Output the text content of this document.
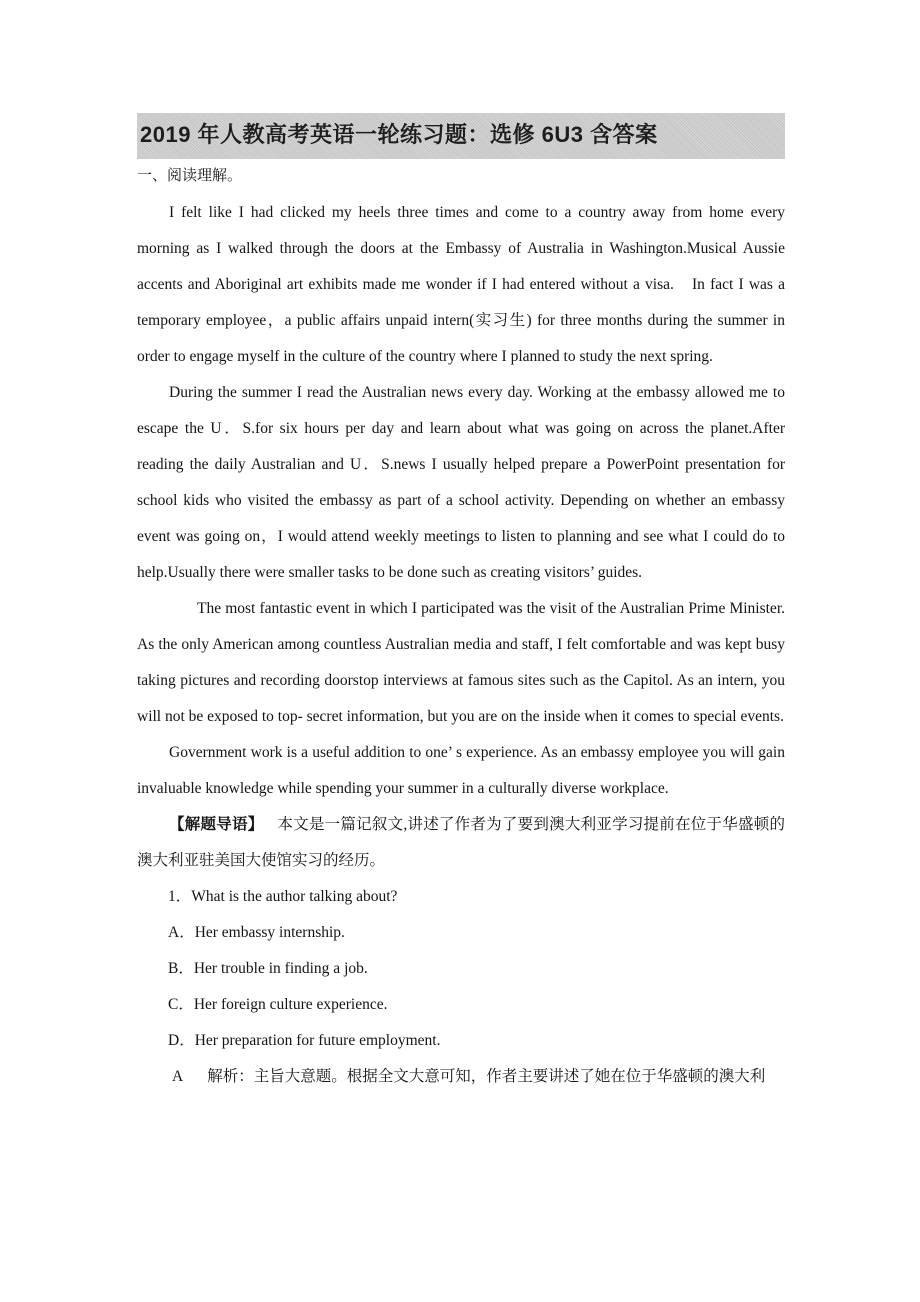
2019 年人教高考英语一轮练习题：选修 6U3 含答案
一、阅读理解。

I felt like I had clicked my heels three times and come to a country away from home every morning as I walked through the doors at the Embassy of Australia in Washington.Musical Aussie accents and Aboriginal art exhibits made me wonder if I had entered without a visa.　In fact I was a temporary employee，a public affairs unpaid intern(实习生) for three months during the summer in order to engage myself in the culture of the country where I planned to study the next spring.

During the summer I read the Australian news every day. Working at the embassy allowed me to escape the U．S.for six hours per day and learn about what was going on across the planet.After reading the daily Australian and U．S.news I usually helped prepare a PowerPoint presentation for school kids who visited the embassy as part of a school activity. Depending on whether an embassy event was going on，I would attend weekly meetings to listen to planning and see what I could do to help.Usually there were smaller tasks to be done such as creating visitors’ guides.

The most fantastic event in which I participated was the visit of the Australian Prime Minister. As the only American among countless Australian media and staff, I felt comfortable and was kept busy taking pictures and recording doorstop interviews at famous sites such as the Capitol. As an intern, you will not be exposed to top- secret information, but you are on the inside when it comes to special events.

Government work is a useful addition to one’ s experience. As an embassy employee you will gain invaluable knowledge while spending your summer in a culturally diverse workplace.

【解题导语】 本文是一篇记叙文,讲述了作者为了要到澳大利亚学习提前在位于华盛顿的澳大利亚驻美国大使馆实习的经历。

1．What is the author talking about?

A．Her embassy internship.

B．Her trouble in finding a job.

C．Her foreign culture experience.

D．Her preparation for future employment.

A 解析：主旨大意题。根据全文大意可知，作者主要讲述了她在位于华盛顿的澳大利
